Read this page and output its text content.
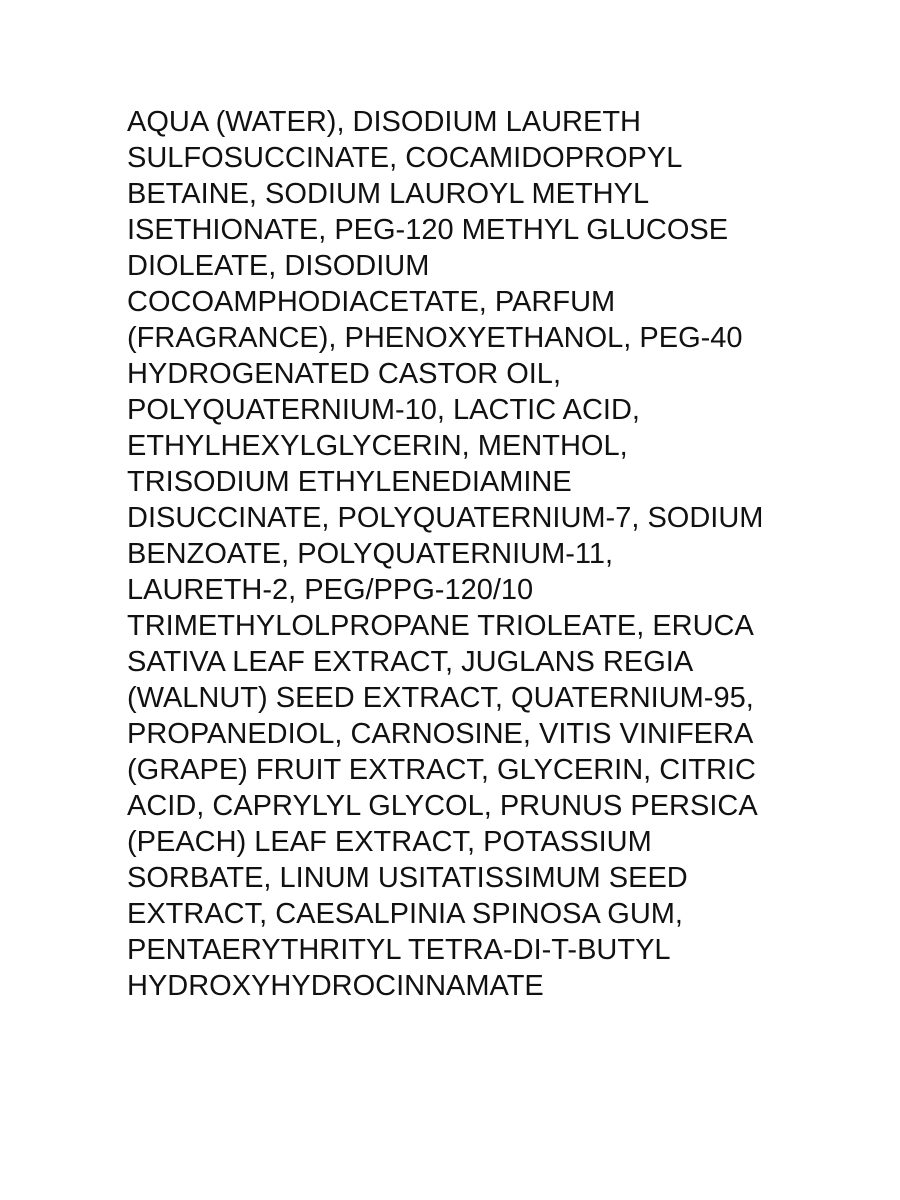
AQUA (WATER), DISODIUM LAURETH
SULFOSUCCINATE, COCAMIDOPROPYL
BETAINE, SODIUM LAUROYL METHYL
ISETHIONATE, PEG-120 METHYL GLUCOSE
DIOLEATE, DISODIUM
COCOAMPHODIACETATE, PARFUM
(FRAGRANCE), PHENOXYETHANOL, PEG-40
HYDROGENATED CASTOR OIL,
POLYQUATERNIUM-10, LACTIC ACID,
ETHYLHEXYLGLYCERIN, MENTHOL,
TRISODIUM ETHYLENEDIAMINE
DISUCCINATE, POLYQUATERNIUM-7, SODIUM
BENZOATE, POLYQUATERNIUM-11,
LAURETH-2, PEG/PPG-120/10
TRIMETHYLOLPROPANE TRIOLEATE, ERUCA
SATIVA LEAF EXTRACT, JUGLANS REGIA
(WALNUT) SEED EXTRACT, QUATERNIUM-95,
PROPANEDIOL, CARNOSINE, VITIS VINIFERA
(GRAPE) FRUIT EXTRACT, GLYCERIN, CITRIC
ACID, CAPRYLYL GLYCOL, PRUNUS PERSICA
(PEACH) LEAF EXTRACT, POTASSIUM
SORBATE, LINUM USITATISSIMUM SEED
EXTRACT, CAESALPINIA SPINOSA GUM,
PENTAERYTHRITYL TETRA-DI-T-BUTYL
HYDROXYHYDROCINNAMATE
